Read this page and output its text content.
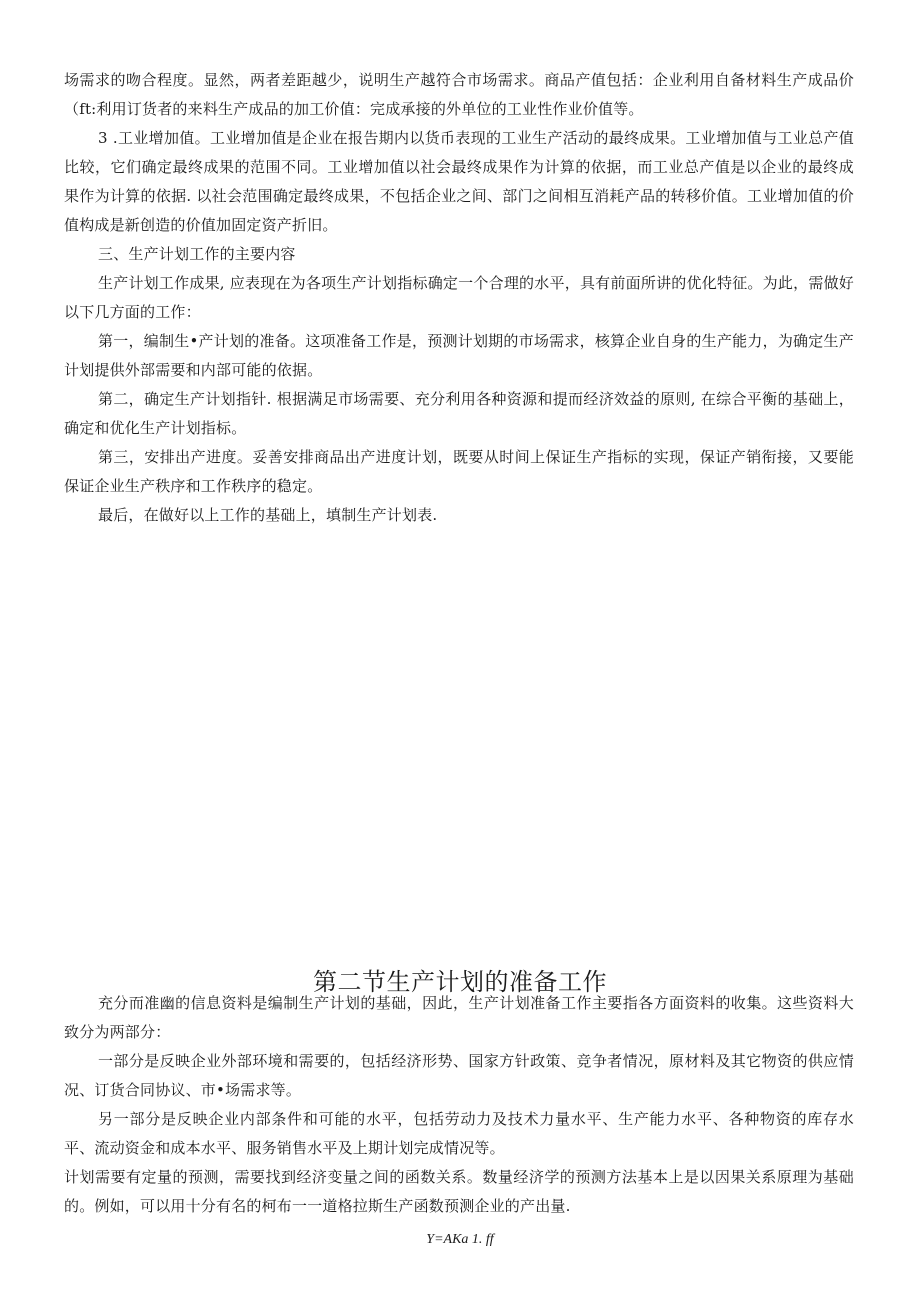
场需求的吻合程度。显然，两者差距越少，说明生产越符合市场需求。商品产值包括：企业利用自备材料生产成品价（ft:利用订货者的来料生产成品的加工价值：完成承接的外单位的工业性作业价值等。

3 .工业增加值。工业增加值是企业在报告期内以货币表现的工业生产活动的最终成果。工业增加值与工业总产值比较，它们确定最终成果的范围不同。工业增加值以社会最终成果作为计算的依据，而工业总产值是以企业的最终成果作为计算的依据. 以社会范围确定最终成果，不包括企业之间、部门之间相互消耗产品的转移价值。工业增加值的价值构成是新创造的价值加固定资产折旧。

三、生产计划工作的主要内容

生产计划工作成果, 应表现在为各项生产计划指标确定一个合理的水平，具有前面所讲的优化特征。为此，需做好以下几方面的工作：

第一，编制生•产计划的准备。这项准备工作是，预测计划期的市场需求，核算企业自身的生产能力，为确定生产计划提供外部需要和内部可能的依据。

第二，确定生产计划指针. 根据满足市场需要、充分利用各种资源和提而经济效益的原则, 在综合平衡的基础上，确定和优化生产计划指标。

第三，安排出产进度。妥善安排商品出产进度计划，既要从时间上保证生产指标的实现，保证产销衔接，又要能保证企业生产秩序和工作秩序的稳定。

最后，在做好以上工作的基础上，填制生产计划表.

第二节生产计划的准备工作

充分而准幽的信息资料是编制生产计划的基础，因此，生产计划准备工作主要指各方面资料的收集。这些资料大致分为两部分：

一部分是反映企业外部环境和需要的，包括经济形势、国家方针政策、竞争者情况，原材料及其它物资的供应情况、订货合同协议、市•场需求等。

另一部分是反映企业内部条件和可能的水平，包括劳动力及技术力量水平、生产能力水平、各种物资的库存水平、流动资金和成本水平、服务销售水平及上期计划完成情况等。

计划需要有定量的预测，需要找到经济变量之间的函数关系。数量经济学的预测方法基本上是以因果关系原理为基础的。例如，可以用十分有名的柯布一一道格拉斯生产函数预测企业的产出量.

Y=AKa 1. ff
